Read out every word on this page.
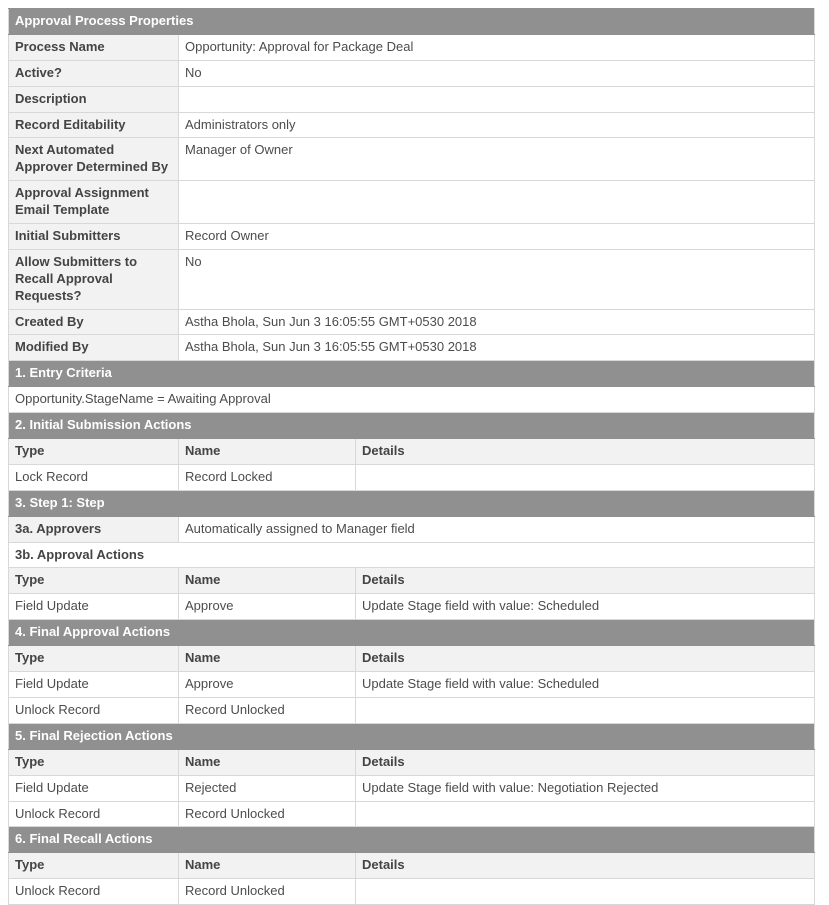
Approval Process Properties		
Process Name	Opportunity: Approval for Package Deal	
Active?	No	
Description		
Record Editability	Administrators only	
Next Automated Approver Determined By	Manager of Owner	
Approval Assignment Email Template		
Initial Submitters	Record Owner	
Allow Submitters to Recall Approval Requests?	No	
Created By	Astha Bhola, Sun Jun 3 16:05:55 GMT+0530 2018	
Modified By	Astha Bhola, Sun Jun 3 16:05:55 GMT+0530 2018	
1. Entry Criteria		
Opportunity.StageName = Awaiting Approval		
2. Initial Submission Actions		
Type	Name	Details
Lock Record	Record Locked	
3. Step 1: Step		
3a. Approvers	Automatically assigned to Manager field	
3b. Approval Actions		
Type	Name	Details
Field Update	Approve	Update Stage field with value: Scheduled
4. Final Approval Actions		
Type	Name	Details
Field Update	Approve	Update Stage field with value: Scheduled
Unlock Record	Record Unlocked	
5. Final Rejection Actions		
Type	Name	Details
Field Update	Rejected	Update Stage field with value: Negotiation Rejected
Unlock Record	Record Unlocked	
6. Final Recall Actions		
Type	Name	Details
Unlock Record	Record Unlocked	
